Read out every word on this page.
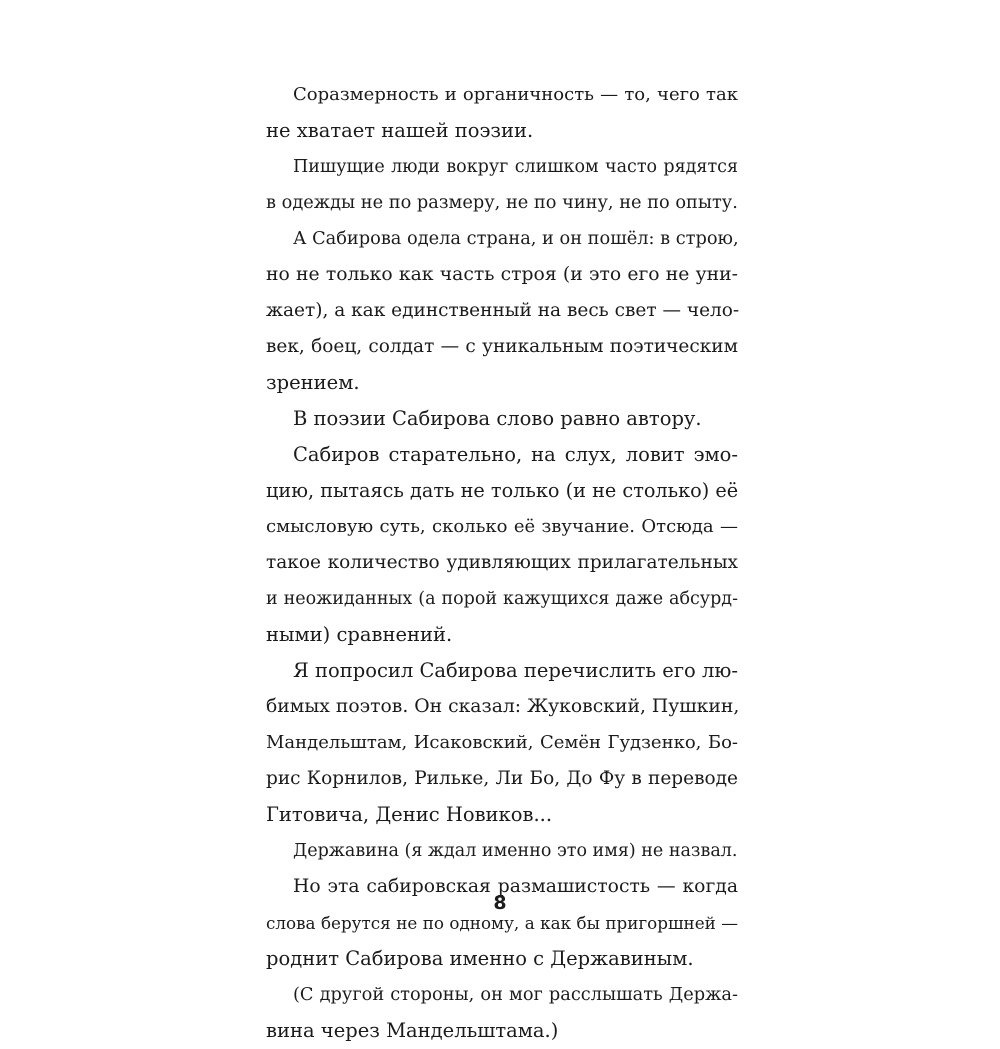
Соразмерность и органичность — то, чего так
не хватает нашей поэзии.
Пишущие люди вокруг слишком часто рядятся
в одежды не по размеру, не по чину, не по опыту.
А Сабирова одела страна, и он пошёл: в строю,
но не только как часть строя (и это его не уни-
жает), а как единственный на весь свет — чело-
век, боец, солдат — с уникальным поэтическим
зрением.
В поэзии Сабирова слово равно автору.
Сабиров старательно, на слух, ловит эмо-
цию, пытаясь дать не только (и не столько) её
смысловую суть, сколько её звучание. Отсюда —
такое количество удивляющих прилагательных
и неожиданных (а порой кажущихся даже абсурд-
ными) сравнений.
Я попросил Сабирова перечислить его лю-
бимых поэтов. Он сказал: Жуковский, Пушкин,
Мандельштам, Исаковский, Семён Гудзенко, Бо-
рис Корнилов, Рильке, Ли Бо, До Фу в переводе
Гитовича, Денис Новиков...
Державина (я ждал именно это имя) не назвал.
Но эта сабировская размашистость — когда
слова берутся не по одному, а как бы пригоршней —
роднит Сабирова именно с Державиным.
(С другой стороны, он мог расслышать Держа-
вина через Мандельштама.)
8
